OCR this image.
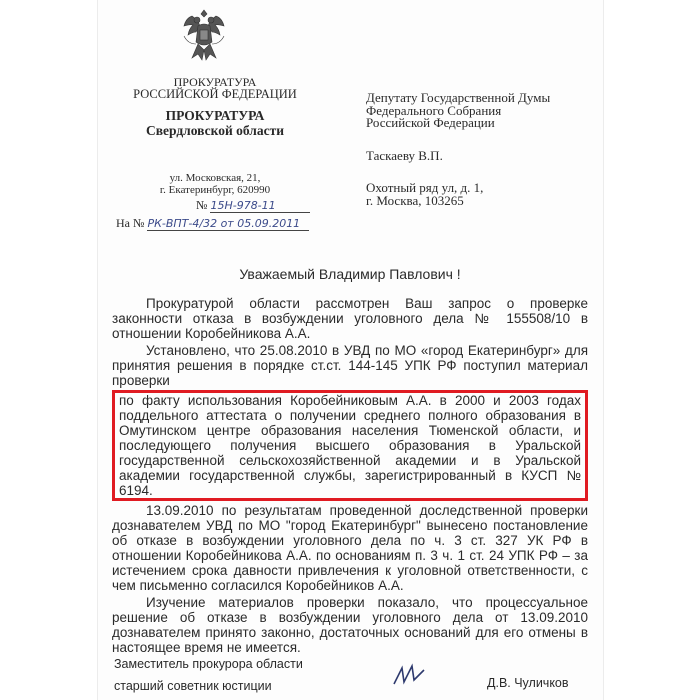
ПРОКУРАТУРА
РОССИЙСКОЙ ФЕДЕРАЦИИ
ПРОКУРАТУРА
Свердловской области
ул. Московская, 21,
г. Екатеринбург, 620990
№ 15Н-978-11
На № РК-ВПТ-4/32 от 05.09.2011
Депутату Государственной Думы
Федерального Собрания
Российской Федерации
Таскаеву В.П.
Охотный ряд ул, д. 1,
г. Москва, 103265
Уважаемый Владимир Павлович !

Прокуратурой области рассмотрен Ваш запрос о проверке законности отказа в возбуждении уголовного дела № 155508/10 в отношении Коробейникова А.А.

Установлено, что 25.08.2010 в УВД по МО «город Екатеринбург» для принятия решения в порядке ст.ст. 144-145 УПК РФ поступил материал проверки

по факту использования Коробейниковым А.А. в 2000 и 2003 годах поддельного аттестата о получении среднего полного образования в Омутинском центре образования населения Тюменской области, и последующего получения высшего образования в Уральской государственной сельскохозяйственной академии и в Уральской академии государственной службы, зарегистрированный в КУСП № 6194.

13.09.2010 по результатам проведенной доследственной проверки дознавателем УВД по МО "город Екатеринбург" вынесено постановление об отказе в возбуждении уголовного дела по ч. 3 ст. 327 УК РФ в отношении Коробейникова А.А. по основаниям п. 3 ч. 1 ст. 24 УПК РФ – за истечением срока давности привлечения к уголовной ответственности, с чем письменно согласился Коробейников А.А.

Изучение материалов проверки показало, что процессуальное решение об отказе в возбуждении уголовного дела от 13.09.2010 дознавателем принято законно, достаточных оснований для его отмены в настоящее время не имеется.

Заместитель прокурора области
старший советник юстиции	Д.В. Чуличков
